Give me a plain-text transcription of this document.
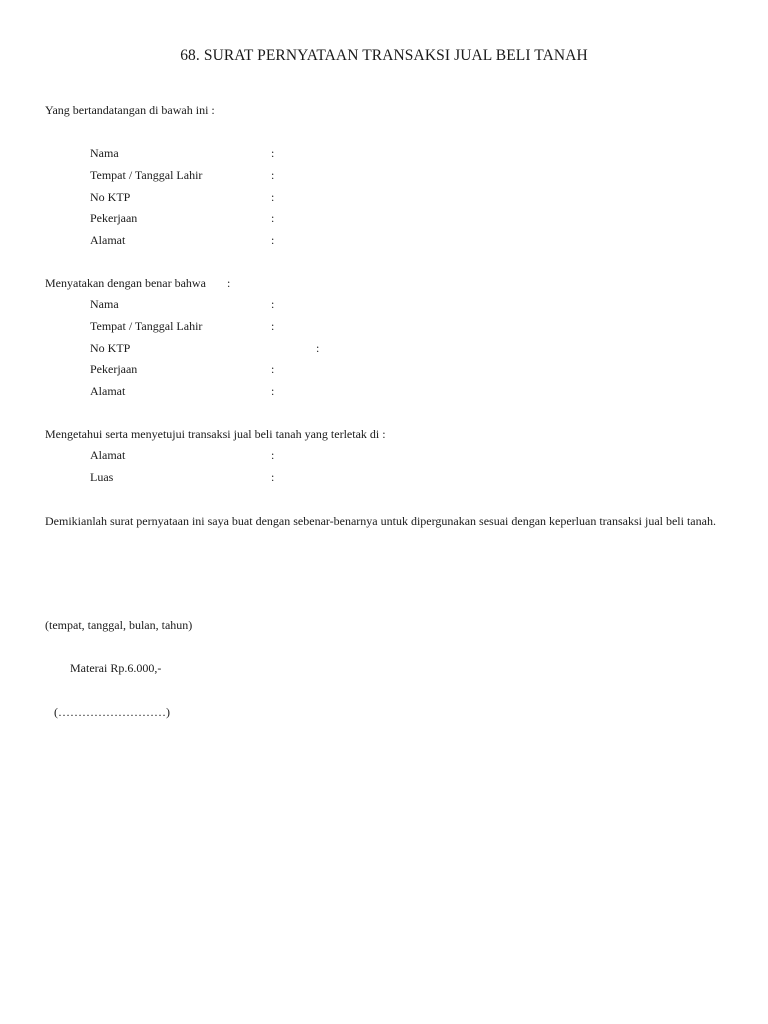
68. SURAT PERNYATAAN TRANSAKSI JUAL BELI TANAH
Yang bertandatangan di bawah ini :
Nama	:
Tempat / Tanggal Lahir	:
No KTP	:
Pekerjaan	:
Alamat	:
Menyatakan dengan benar bahwa :
Nama	:
Tempat / Tanggal Lahir	:
No KTP	:
Pekerjaan	:
Alamat	:
Mengetahui serta menyetujui transaksi jual beli tanah yang terletak di :
Alamat	:
Luas	:
Demikianlah surat pernyataan ini saya buat dengan sebenar-benarnya untuk dipergunakan sesuai dengan keperluan transaksi jual beli tanah.
(tempat, tanggal, bulan, tahun)
Materai Rp.6.000,-
(………………………)
